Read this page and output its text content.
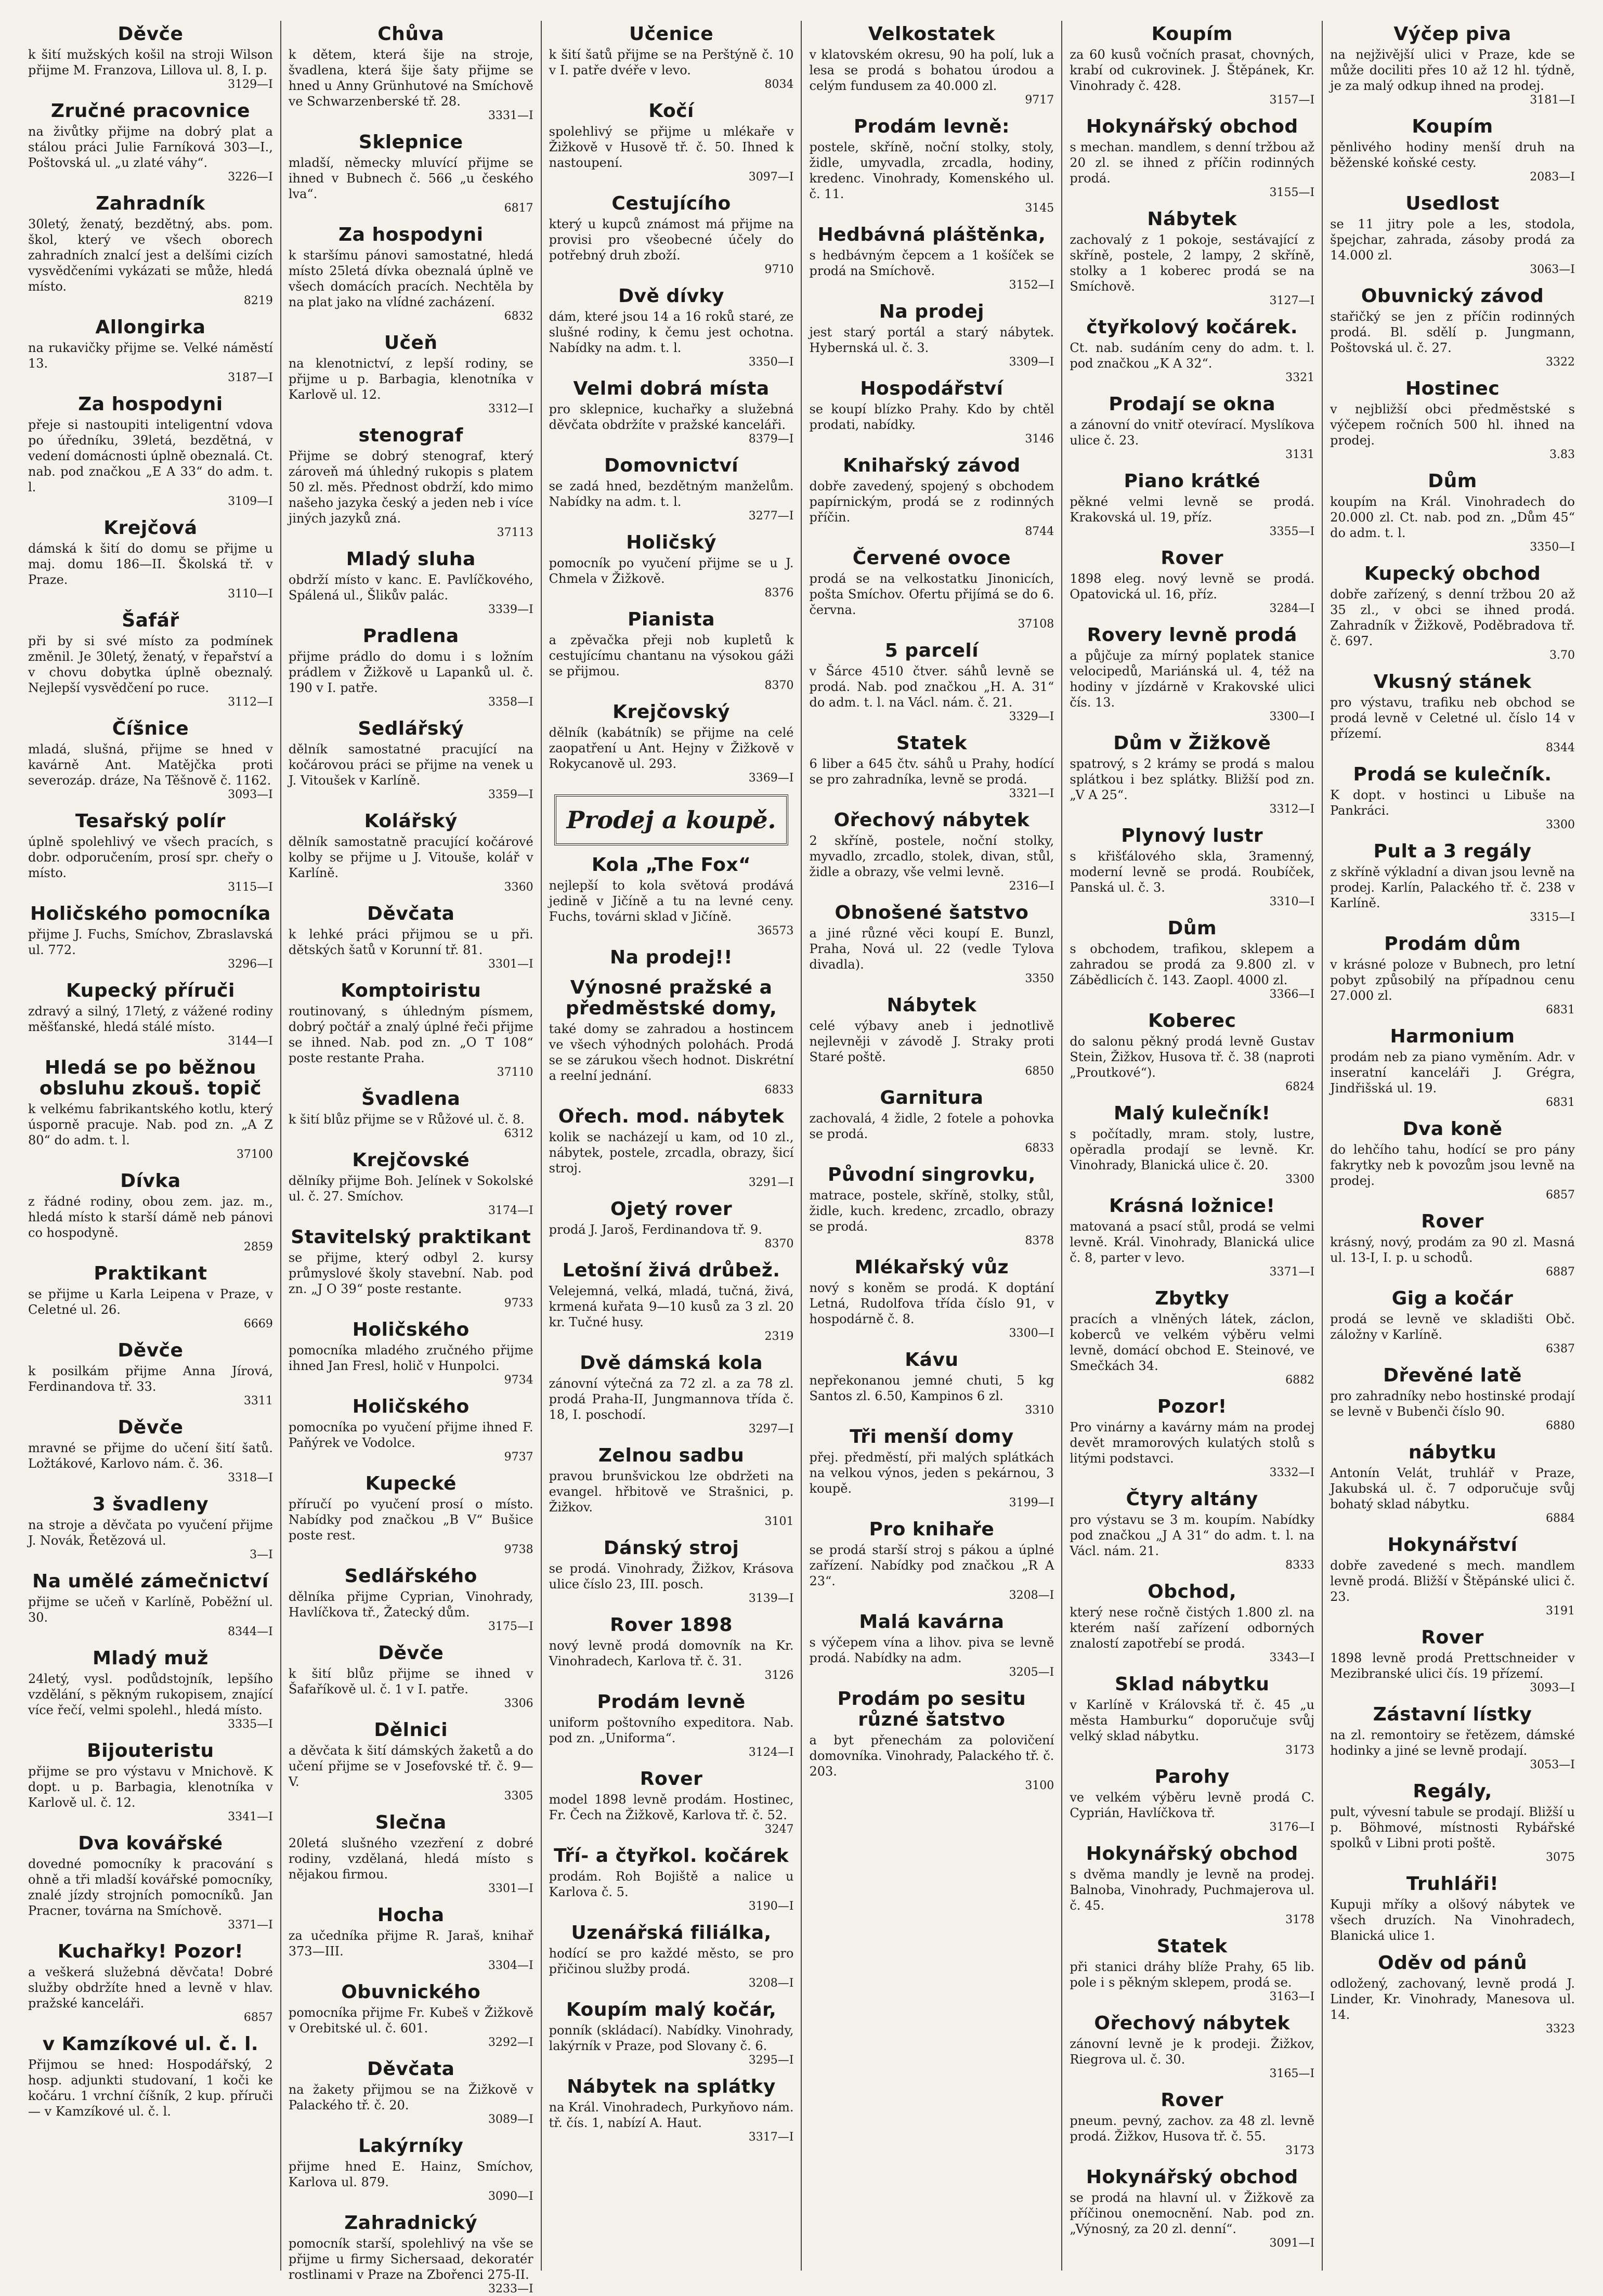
Děvče

k šití mužských košil na stroji Wilson přijme M. Franzova, Lillova ul. 8, I. p.

3129—I
Zručné pracovnice

na živůtky přijme na dobrý plat a stálou práci Julie Farníková 303—I., Poštovská ul. „u zlaté váhy“.

3226—I
Zahradník

30letý, ženatý, bezdětný, abs. pom. škol, který ve všech oborech zahradních znalcí jest a delšími cizích vysvědčeními vykázati se může, hledá místo.

8219
Allongirka

na rukavičky přijme se. Velké náměstí 13.

3187—I
Za hospodyni

přeje si nastoupiti inteligentní vdova po úředníku, 39letá, bezdětná, v vedení domácnosti úplně obeznalá. Ct. nab. pod značkou „E A 33“ do adm. t. l.

3109—I
Krejčová

dámská k šití do domu se přijme u maj. domu 186—II. Školská tř. v Praze.

3110—I
Šafář

při by si své místo za podmínek změnil. Je 30letý, ženatý, v řepařství a v chovu dobytka úplně obeznalý. Nejlepší vysvědčení po ruce.

3112—I
Číšnice

mladá, slušná, přijme se hned v kavárně Ant. Matějčka proti severozáp. dráze, Na Těšnově č. 1162.

3093—I
Tesařský polír

úplně spolehlivý ve všech pracích, s dobr. odporučením, prosí spr. cheřy o místo.

3115—I
Holičského pomocníka

přijme J. Fuchs, Smíchov, Zbraslavská ul. 772.

3296—I
Kupecký příruči

zdravý a silný, 17letý, z vážené rodiny měšťanské, hledá stálé místo.

3144—I
Hledá se po běžnou obsluhu zkouš. topič

k velkému fabrikantského kotlu, který úsporně pracuje. Nab. pod zn. „A Z 80“ do adm. t. l.

37100
Dívka

z řádné rodiny, obou zem. jaz. m., hledá místo k starší dámě neb pánovi co hospodyně.

2859
Praktikant

se přijme u Karla Leipena v Praze, v Celetné ul. 26.

6669
Děvče

k posilkám přijme Anna Jírová, Ferdinandova tř. 33.

3311
Děvče

mravné se přijme do učení šití šatů. Ložtákové, Karlovo nám. č. 36.

3318—I
3 švadleny

na stroje a děvčata po vyučení přijme J. Novák, Řetězová ul.

3—I
Na umělé zámečnictví

přijme se učeň v Karlíně, Poběžní ul. 30.

8344—I
Mladý muž

24letý, vysl. podůdstojník, lepšího vzdělání, s pěkným rukopisem, znající více řečí, velmi spolehl., hledá místo.

3335—I
Bijouteristu

přijme se pro výstavu v Mnichově. K dopt. u p. Barbagia, klenotníka v Karlově ul. č. 12.

3341—I
Dva kovářské

dovedné pomocníky k pracování s ohně a tři mladší kovářské pomocníky, znalé jízdy strojních pomocníků. Jan Pracner, továrna na Smíchově.

3371—I
Kuchařky! Pozor!

a veškerá služebná děvčata! Dobré služby obdržíte hned a levně v hlav. pražské kanceláři.

6857
v Kamzíkové ul. č. l.

Přijmou se hned: Hospodářský, 2 hosp. adjunkti studovaní, 1 koči ke kočáru. 1 vrchní číšník, 2 kup. příruči — v Kamzíkové ul. č. l.

Chůva

k dětem, která šije na stroje, švadlena, která šije šaty přijme se hned u Anny Grünhutové na Smíchově ve Schwarzenberské tř. 28.

3331—I
Sklepnice

mladší, německy mluvící přijme se ihned v Bubnech č. 566 „u českého lva“.

6817
Za hospodyni

k staršímu pánovi samostatné, hledá místo 25letá dívka obeznalá úplně ve všech domácích pracích. Nechtěla by na plat jako na vlídné zacházení.

6832
Učeň

na klenotnictví, z lepší rodiny, se přijme u p. Barbagia, klenotníka v Karlově ul. 12.

3312—I
stenograf

Přijme se dobrý stenograf, který zároveň má úhledný rukopis s platem 50 zl. měs. Přednost obdrží, kdo mimo našeho jazyka český a jeden neb i více jiných jazyků zná.

37113
Mladý sluha

obdrží místo v kanc. E. Pavlíčkového, Spálená ul., Šlikův palác.

3339—I
Pradlena

přijme prádlo do domu i s ložním prádlem v Žižkově u Lapanků ul. č. 190 v I. patře.

3358—I
Sedlářský

dělník samostatné pracující na kočárovou práci se přijme na venek u J. Vitoušek v Karlíně.

3359—I
Kolářský

dělník samostatně pracující kočárové kolby se přijme u J. Vitouše, kolář v Karlíně.

3360
Děvčata

k lehké práci přijmou se u při. dětských šatů v Korunní tř. 81.

3301—I
Komptoiristu

routinovaný, s úhledným písmem, dobrý počtář a znalý úplné řeči přijme se ihned. Nab. pod zn. „O T 108“ poste restante Praha.

37110
Švadlena

k šití blůz přijme se v Růžové ul. č. 8.

6312
Krejčovské

dělníky přijme Boh. Jelínek v Sokolské ul. č. 27. Smíchov.

3174—I
Stavitelský praktikant

se přijme, který odbyl 2. kursy průmyslové školy stavební. Nab. pod zn. „J O 39“ poste restante.

9733
Holičského

pomocníka mladého zručného přijme ihned Jan Fresl, holič v Hunpolci.

9734
Holičského

pomocníka po vyučení přijme ihned F. Paňýrek ve Vodolce.

9737
Kupecké

příručí po vyučení prosí o místo. Nabídky pod značkou „B V“ Bušice poste rest.

9738
Sedlářského

dělníka přijme Cyprian, Vinohrady, Havlíčkova tř., Žatecký dům.

3175—I
Děvče

k šití blůz přijme se ihned v Šafaříkově ul. č. 1 v I. patře.

3306
Dělnici

a děvčata k šití dámských žaketů a do učení přijme se v Josefovské tř. č. 9—V.

3305
Slečna

20letá slušného vzezření z dobré rodiny, vzdělaná, hledá místo s nějakou firmou.

3301—I
Hocha

za učedníka přijme R. Jaraš, knihař 373—III.

3304—I
Obuvnického

pomocníka přijme Fr. Kubeš v Žižkově v Orebitské ul. č. 601.

3292—I
Děvčata

na žakety přijmou se na Žižkově v Palackého tř. č. 20.

3089—I
Lakýrníky

přijme hned E. Hainz, Smíchov, Karlova ul. 879.

3090—I
Zahradnický

pomocník starší, spolehlivý na vše se přijme u firmy Sichersaad, dekoratér rostlinami v Praze na Zbořenci 275-II.

3233—I
Učenice

k šití šatů přijme se na Perštýně č. 10 v I. patře dvéře v levo.

8034
Kočí

spolehlivý se přijme u mlékaře v Žižkově v Husově tř. č. 50. Ihned k nastoupení.

3097—I
Cestujícího

který u kupců známost má přijme na provisi pro všeobecné účely do potřebný druh zboží.

9710
Dvě dívky

dám, které jsou 14 a 16 roků staré, ze slušné rodiny, k čemu jest ochotna. Nabídky na adm. t. l.

3350—I
Velmi dobrá místa

pro sklepnice, kuchařky a služebná děvčata obdržíte v pražské kanceláři.

8379—I
Domovnictví

se zadá hned, bezdětným manželům. Nabídky na adm. t. l.

3277—I
Holičský

pomocník po vyučení přijme se u J. Chmela v Žižkově.

8376
Pianista

a zpěvačka přeji nob kupletů k cestujícímu chantanu na výsokou gáži se přijmou.

8370
Krejčovský

dělník (kabátník) se přijme na celé zaopatření u Ant. Hejny v Žižkově v Rokycanově ul. 293.

3369—I
Prodej a koupě.
Kola „The Fox“

nejlepší to kola světová prodává jedině v Jičíně a tu na levné ceny. Fuchs, továrni sklad v Jičíně.

36573
Na prodej!!
Výnosné pražské a předměstské domy,

také domy se zahradou a hostincem ve všech výhodných polohách. Prodá se se zárukou všech hodnot. Diskrétní a reelní jednání.

6833
Ořech. mod. nábytek

kolik se nacházejí u kam, od 10 zl., nábytek, postele, zrcadla, obrazy, šicí stroj.

3291—I
Ojetý rover

prodá J. Jaroš, Ferdinandova tř. 9.

8370
Letošní živá drůbež.

Velejemná, velká, mladá, tučná, živá, krmená kuřata 9—10 kusů za 3 zl. 20 kr. Tučné husy.

2319
Dvě dámská kola

zánovní výtečná za 72 zl. a za 78 zl. prodá Praha-II, Jungmannova třída č. 18, I. poschodí.

3297—I
Zelnou sadbu

pravou brunšvickou lze obdržeti na evangel. hřbitově ve Strašnici, p. Žižkov.

3101
Dánský stroj

se prodá. Vinohrady, Žižkov, Krásova ulice číslo 23, III. posch.

3139—I
Rover 1898

nový levně prodá domovník na Kr. Vinohradech, Karlova tř. č. 31.

3126
Prodám levně

uniform poštovního expeditora. Nab. pod zn. „Uniforma“.

3124—I
Rover

model 1898 levně prodám. Hostinec, Fr. Čech na Žižkově, Karlova tř. č. 52.

3247
Tří- a čtyřkol. kočárek

prodám. Roh Bojiště a nalice u Karlova č. 5.

3190—I
Uzenářská filiálka,

hodící se pro každé město, se pro přičinou služby prodá.

3208—I
Koupím malý kočár,

ponník (skládací). Nabídky. Vinohrady, lakýrník v Praze, pod Slovany č. 6.

3295—I
Nábytek na splátky

na Král. Vinohradech, Purkyňovo nám. tř. čís. 1, nabízí A. Haut.

3317—I
Velkostatek

v klatovském okresu, 90 ha polí, luk a lesa se prodá s bohatou úrodou a celým fundusem za 40.000 zl.

9717
Prodám levně:

postele, skříně, noční stolky, stoly, židle, umyvadla, zrcadla, hodiny, kredenc. Vinohrady, Komenského ul. č. 11.

3145
Hedbávná pláštěnka,

s hedbávným čepcem a 1 košíček se prodá na Smíchově.

3152—I
Na prodej

jest starý portál a starý nábytek. Hybernská ul. č. 3.

3309—I
Hospodářství

se koupí blízko Prahy. Kdo by chtěl prodati, nabídky.

3146
Knihařský závod

dobře zavedený, spojený s obchodem papírnickým, prodá se z rodinných příčin.

8744
Červené ovoce

prodá se na velkostatku Jinonicích, pošta Smíchov. Ofertu přijímá se do 6. června.

37108
5 parcelí

v Šárce 4510 čtver. sáhů levně se prodá. Nab. pod značkou „H. A. 31“ do adm. t. l. na Václ. nám. č. 21.

3329—I
Statek

6 liber a 645 čtv. sáhů u Prahy, hodící se pro zahradníka, levně se prodá.

3321—I
Ořechový nábytek

2 skříně, postele, noční stolky, myvadlo, zrcadlo, stolek, divan, stůl, židle a obrazy, vše velmi levně.

2316—I
Obnošené šatstvo

a jiné různé věci koupí E. Bunzl, Praha, Nová ul. 22 (vedle Tylova divadla).

3350
Nábytek

celé výbavy aneb i jednotlivě nejlevněji v závodě J. Straky proti Staré poště.

6850
Garnitura

zachovalá, 4 židle, 2 fotele a pohovka se prodá.

6833
Původní singrovku,

matrace, postele, skříně, stolky, stůl, židle, kuch. kredenc, zrcadlo, obrazy se prodá.

8378
Mlékařský vůz

nový s koněm se prodá. K doptání Letná, Rudolfova třída číslo 91, v hospodárně č. 8.

3300—I
Kávu

nepřekonanou jemné chuti, 5 kg Santos zl. 6.50, Kampinos 6 zl.

3310
Tři menší domy

přej. předměstí, při malých splátkách na velkou výnos, jeden s pekárnou, 3 koupě.

3199—I
Pro knihaře

se prodá starší stroj s pákou a úplné zařízení. Nabídky pod značkou „R A 23“.

3208—I
Malá kavárna

s výčepem vína a lihov. piva se levně prodá. Nabídky na adm.

3205—I
Prodám po sesitu různé šatstvo

a byt přenechám za polovičení domovníka. Vinohrady, Palackého tř. č. 203.

3100
Koupím

za 60 kusů vočních prasat, chovných, krabí od cukrovinek. J. Štěpánek, Kr. Vinohrady č. 428.

3157—I
Hokynářský obchod

s mechan. mandlem, s denní tržbou až 20 zl. se ihned z příčin rodinných prodá.

3155—I
Nábytek

zachovalý z 1 pokoje, sestávající z skříně, postele, 2 lampy, 2 skříně, stolky a 1 koberec prodá se na Smíchově.

3127—I
čtyřkolový kočárek.

Ct. nab. sudáním ceny do adm. t. l. pod značkou „K A 32“.

3321
Prodají se okna

a zánovní do vnitř otevírací. Myslíkova ulice č. 23.

3131
Piano krátké

pěkné velmi levně se prodá. Krakovská ul. 19, příz.

3355—I
Rover

1898 eleg. nový levně se prodá. Opatovická ul. 16, příz.

3284—I
Rovery levně prodá

a půjčuje za mírný poplatek stanice velocipedů, Mariánská ul. 4, též na hodiny v jízdárně v Krakovské ulici čís. 13.

3300—I
Dům v Žižkově

spatrový, s 2 krámy se prodá s malou splátkou i bez splátky. Bližší pod zn. „V A 25“.

3312—I
Plynový lustr

s křišťálového skla, 3ramenný, moderní levně se prodá. Roubíček, Panská ul. č. 3.

3310—I
Dům

s obchodem, trafikou, sklepem a zahradou se prodá za 9.800 zl. v Zábědlicích č. 143. Zaopl. 4000 zl.

3366—I
Koberec

do salonu pěkný prodá levně Gustav Stein, Žižkov, Husova tř. č. 38 (naproti „Proutkové“).

6824
Malý kulečník!

s počítadly, mram. stoly, lustre, opěradla prodají se levně. Kr. Vinohrady, Blanická ulice č. 20.

3300
Krásná ložnice!

matovaná a psací stůl, prodá se velmi levně. Král. Vinohrady, Blanická ulice č. 8, parter v levo.

3371—I
Zbytky

pracích a vlněných látek, záclon, koberců ve velkém výběru velmi levně, domácí obchod E. Steinové, ve Smečkách 34.

6882
Pozor!

Pro vinárny a kavárny mám na prodej devět mramorových kulatých stolů s litými podstavci.

3332—I
Čtyry altány

pro výstavu se 3 m. koupím. Nabídky pod značkou „J A 31“ do adm. t. l. na Václ. nám. 21.

8333
Obchod,

který nese ročně čistých 1.800 zl. na kterém naší zařízení odborných znalostí zapotřebí se prodá.

3343—I
Sklad nábytku

v Karlíně v Královská tř. č. 45 „u města Hamburku“ doporučuje svůj velký sklad nábytku.

3173
Parohy

ve velkém výběru levně prodá C. Cyprián, Havlíčkova tř.

3176—I
Hokynářský obchod

s dvěma mandly je levně na prodej. Balnoba, Vinohrady, Puchmajerova ul. č. 45.

3178
Statek

při stanici dráhy blíže Prahy, 65 lib. pole i s pěkným sklepem, prodá se.

3163—I
Ořechový nábytek

zánovní levně je k prodeji. Žižkov, Riegrova ul. č. 30.

3165—I
Rover

pneum. pevný, zachov. za 48 zl. levně prodá. Žižkov, Husova tř. č. 55.

3173
Hokynářský obchod

se prodá na hlavní ul. v Žižkově za příčinou onemocnění. Nab. pod zn. „Výnosný, za 20 zl. denní“.

3091—I
Výčep piva

na nejživější ulici v Praze, kde se může dociliti přes 10 až 12 hl. týdně, je za malý odkup ihned na prodej.

3181—I
Koupím

pěnlivého hodiny menší druh na běženské koňské cesty.

2083—I
Usedlost

se 11 jitry pole a les, stodola, špejchar, zahrada, zásoby prodá za 14.000 zl.

3063—I
Obuvnický závod

stařičký se jen z příčin rodinných prodá. Bl. sdělí p. Jungmann, Poštovská ul. č. 27.

3322
Hostinec

v nejbližší obci předměstské s výčepem ročních 500 hl. ihned na prodej.

3.83
Dům

koupím na Král. Vinohradech do 20.000 zl. Ct. nab. pod zn. „Dům 45“ do adm. t. l.

3350—I
Kupecký obchod

dobře zařízený, s denní tržbou 20 až 35 zl., v obci se ihned prodá. Zahradník v Žižkově, Poděbradova tř. č. 697.

3.70
Vkusný stánek

pro výstavu, trafiku neb obchod se prodá levně v Celetné ul. číslo 14 v přízemí.

8344
Prodá se kulečník.

K dopt. v hostinci u Libuše na Pankráci.

3300
Pult a 3 regály

z skříně výkladní a divan jsou levně na prodej. Karlín, Palackého tř. č. 238 v Karlíně.

3315—I
Prodám dům

v krásné poloze v Bubnech, pro letní pobyt způsobilý na případnou cenu 27.000 zl.

6831
Harmonium

prodám neb za piano vyměním. Adr. v inseratní kanceláři J. Grégra, Jindřišská ul. 19.

6831
Dva koně

do lehčího tahu, hodící se pro pány fakrytky neb k povozům jsou levně na prodej.

6857
Rover

krásný, nový, prodám za 90 zl. Masná ul. 13-I, I. p. u schodů.

6887
Gig a kočár

prodá se levně ve skladišti Obč. záložny v Karlíně.

6387
Dřevěné latě

pro zahradníky nebo hostinské prodají se levně v Bubenči číslo 90.

6880
nábytku

Antonín Velát, truhlář v Praze, Jakubská ul. č. 7 odporučuje svůj bohatý sklad nábytku.

6884
Hokynářství

dobře zavedené s mech. mandlem levně prodá. Bližší v Štěpánské ulici č. 23.

3191
Rover

1898 levně prodá Prettschneider v Mezibranské ulici čís. 19 přízemí.

3093—I
Zástavní lístky

na zl. remontoiry se řetězem, dámské hodinky a jiné se levně prodají.

3053—I
Regály,

pult, vývesní tabule se prodají. Bližší u p. Böhmové, místnosti Rybářské spolků v Libni proti poště.

3075
Truhláři!

Kupuji mříky a olšový nábytek ve všech druzích. Na Vinohradech, Blanická ulice 1.

Oděv od pánů

odložený, zachovaný, levně prodá J. Linder, Kr. Vinohrady, Manesova ul. 14.

3323
